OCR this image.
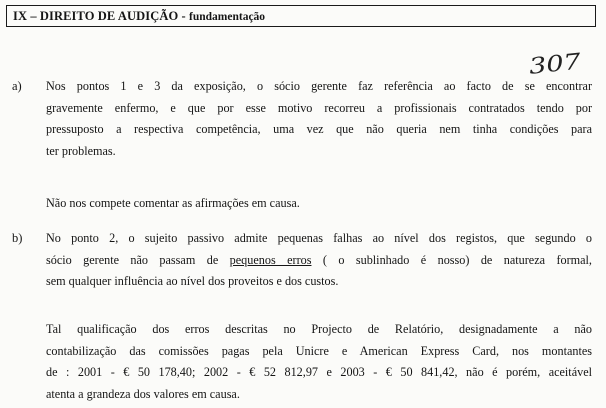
IX – DIREITO DE AUDIÇÃO - fundamentação
307
a) Nos pontos 1 e 3 da exposição, o sócio gerente faz referência ao facto de se encontrar
gravemente enfermo, e que por esse motivo recorreu a profissionais contratados tendo por
pressuposto a respectiva competência, uma vez que não queria nem tinha condições para
ter problemas.
Não nos compete comentar as afirmações em causa.
b) No ponto 2, o sujeito passivo admite pequenas falhas ao nível dos registos, que segundo o
sócio gerente não passam de pequenos erros ( o sublinhado é nosso) de natureza formal,
sem qualquer influência ao nível dos proveitos e dos custos.
Tal qualificação dos erros descritas no Projecto de Relatório, designadamente a não
contabilização das comissões pagas pela Unicre e American Express Card, nos montantes
de : 2001 - € 50 178,40; 2002 - € 52 812,97 e 2003 - € 50 841,42, não é porém, aceitável
atenta a grandeza dos valores em causa.
